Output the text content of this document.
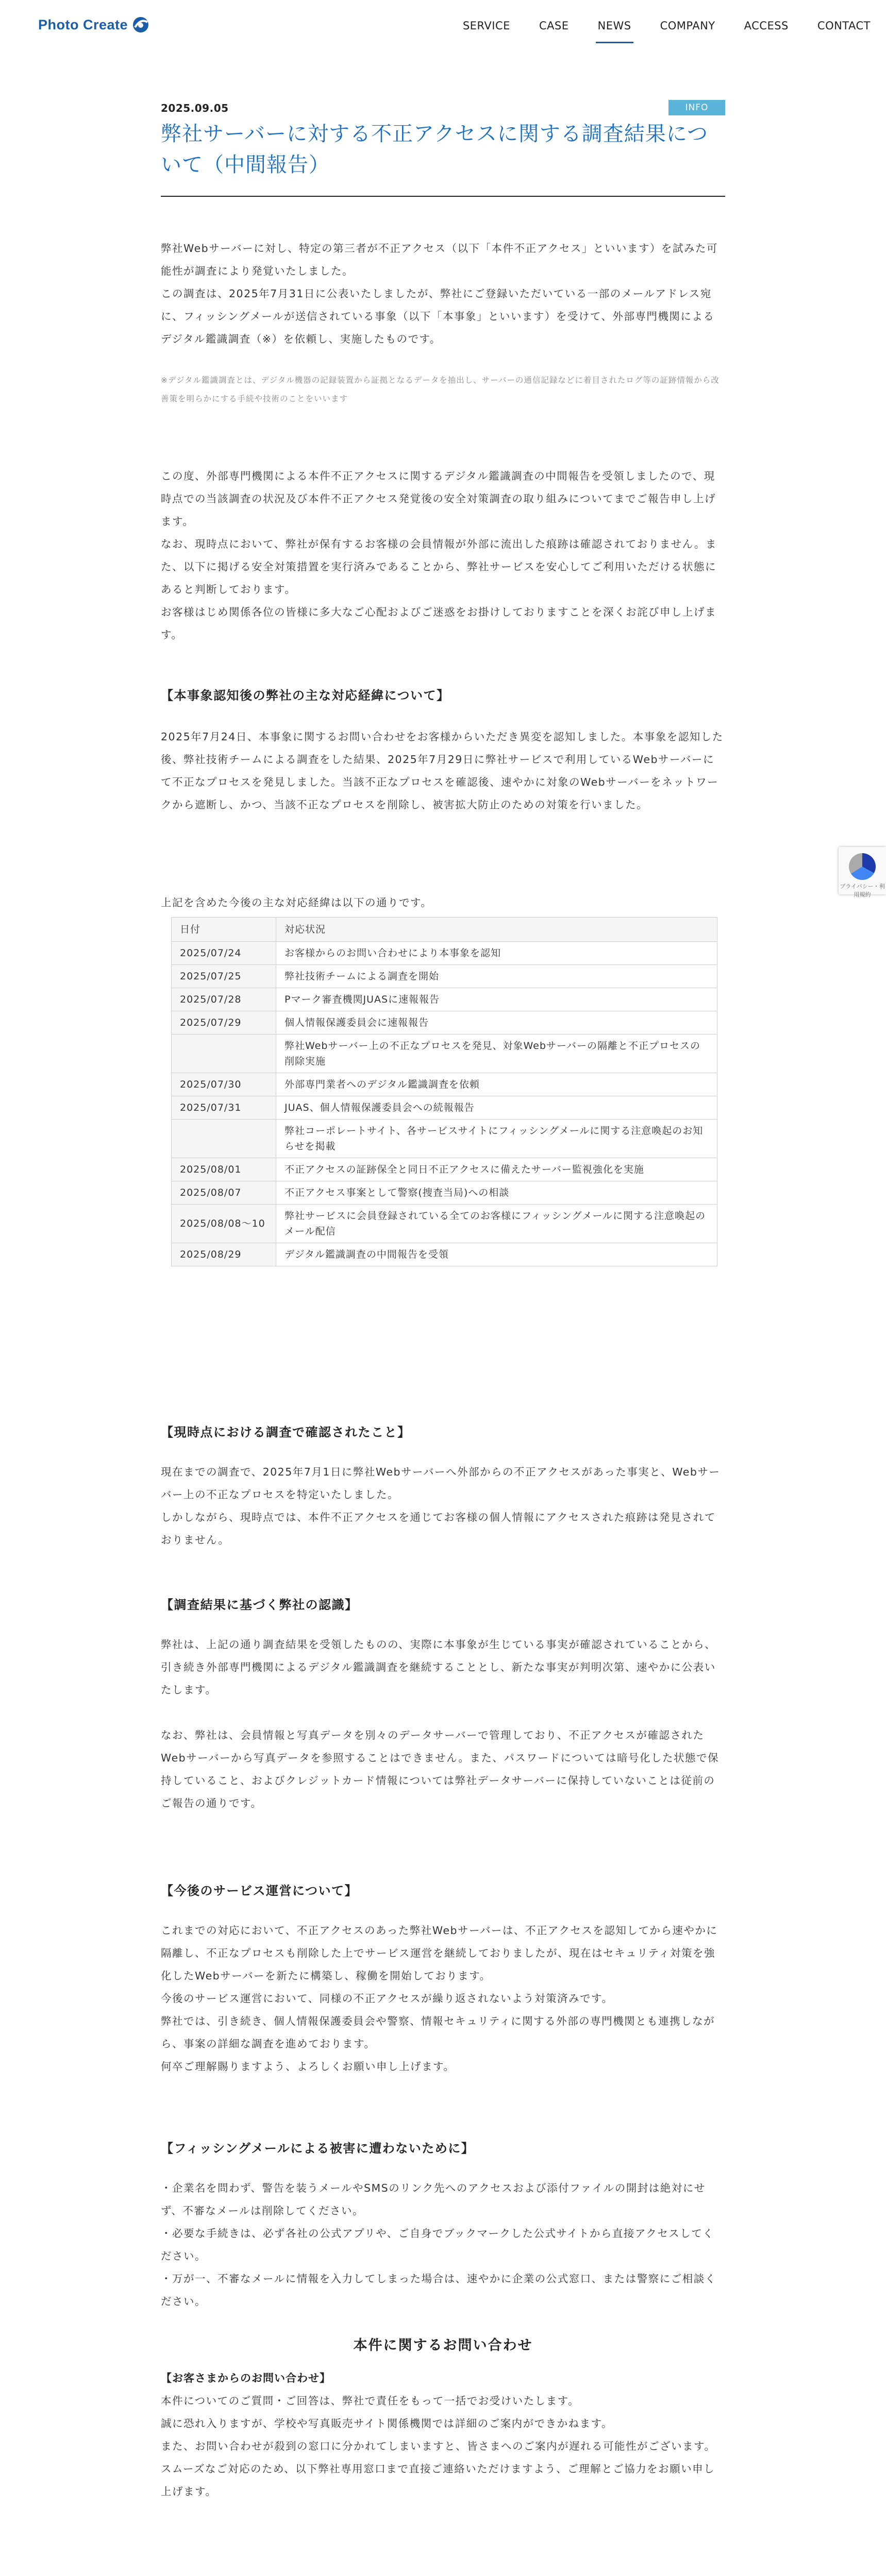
Photo Create	SERVICE	CASE	NEWS	COMPANY	ACCESS	CONTACT
2025.09.05	INFO
弊社サーバーに対する不正アクセスに関する調査結果について（中間報告）

弊社Webサーバーに対し、特定の第三者が不正アクセス（以下「本件不正アクセス」といいます）を試みた可能性が調査により発覚いたしました。

この調査は、2025年7月31日に公表いたしましたが、弊社にご登録いただいている一部のメールアドレス宛に、フィッシングメールが送信されている事象（以下「本事象」といいます）を受けて、外部専門機関によるデジタル鑑識調査（※）を依頼し、実施したものです。

※デジタル鑑識調査とは、デジタル機器の記録装置から証拠となるデータを抽出し、サーバーの通信記録などに着目されたログ等の証跡情報から改善策を明らかにする手続や技術のことをいいます

この度、外部専門機関による本件不正アクセスに関するデジタル鑑識調査の中間報告を受領しましたので、現時点での当該調査の状況及び本件不正アクセス発覚後の安全対策調査の取り組みについてまでご報告申し上げます。

なお、現時点において、弊社が保有するお客様の会員情報が外部に流出した痕跡は確認されておりません。また、以下に掲げる安全対策措置を実行済みであることから、弊社サービスを安心してご利用いただける状態にあると判断しております。

お客様はじめ関係各位の皆様に多大なご心配およびご迷惑をお掛けしておりますことを深くお詫び申し上げます。

【本事象認知後の弊社の主な対応経緯について】

2025年7月24日、本事象に関するお問い合わせをお客様からいただき異変を認知しました。本事象を認知した後、弊社技術チームによる調査をした結果、2025年7月29日に弊社サービスで利用しているWebサーバーにて不正なプロセスを発見しました。当該不正なプロセスを確認後、速やかに対象のWebサーバーをネットワークから遮断し、かつ、当該不正なプロセスを削除し、被害拡大防止のための対策を行いました。

上記を含めた今後の主な対応経緯は以下の通りです。

日付	対応状況
2025/07/24	お客様からのお問い合わせにより本事象を認知
2025/07/25	弊社技術チームによる調査を開始
2025/07/28	Pマーク審査機関JUASに速報報告
2025/07/29	個人情報保護委員会に速報報告
	弊社Webサーバー上の不正なプロセスを発見、対象Webサーバーの隔離と不正プロセスの削除実施
2025/07/30	外部専門業者へのデジタル鑑識調査を依頼
2025/07/31	JUAS、個人情報保護委員会への続報報告
	弊社コーポレートサイト、各サービスサイトにフィッシングメールに関する注意喚起のお知らせを掲載
2025/08/01	不正アクセスの証跡保全と同日不正アクセスに備えたサーバー監視強化を実施
2025/08/07	不正アクセス事案として警察(捜査当局)への相談
2025/08/08〜10	弊社サービスに会員登録されている全てのお客様にフィッシングメールに関する注意喚起のメール配信
2025/08/29	デジタル鑑識調査の中間報告を受領

【現時点における調査で確認されたこと】

現在までの調査で、2025年7月1日に弊社Webサーバーへ外部からの不正アクセスがあった事実と、Webサーバー上の不正なプロセスを特定いたしました。

しかしながら、現時点では、本件不正アクセスを通じてお客様の個人情報にアクセスされた痕跡は発見されておりません。

【調査結果に基づく弊社の認識】

弊社は、上記の通り調査結果を受領したものの、実際に本事象が生じている事実が確認されていることから、引き続き外部専門機関によるデジタル鑑識調査を継続することとし、新たな事実が判明次第、速やかに公表いたします。

なお、弊社は、会員情報と写真データを別々のデータサーバーで管理しており、不正アクセスが確認されたWebサーバーから写真データを参照することはできません。また、パスワードについては暗号化した状態で保持していること、およびクレジットカード情報については弊社データサーバーに保持していないことは従前のご報告の通りです。

【今後のサービス運営について】

これまでの対応において、不正アクセスのあった弊社Webサーバーは、不正アクセスを認知してから速やかに隔離し、不正なプロセスも削除した上でサービス運営を継続しておりましたが、現在はセキュリティ対策を強化したWebサーバーを新たに構築し、稼働を開始しております。

今後のサービス運営において、同様の不正アクセスが繰り返されないよう対策済みです。

弊社では、引き続き、個人情報保護委員会や警察、情報セキュリティに関する外部の専門機関とも連携しながら、事案の詳細な調査を進めております。

何卒ご理解賜りますよう、よろしくお願い申し上げます。

【フィッシングメールによる被害に遭わないために】

・企業名を問わず、警告を装うメールやSMSのリンク先へのアクセスおよび添付ファイルの開封は絶対にせず、不審なメールは削除してください。

・必要な手続きは、必ず各社の公式アプリや、ご自身でブックマークした公式サイトから直接アクセスしてください。

・万が一、不審なメールに情報を入力してしまった場合は、速やかに企業の公式窓口、または警察にご相談ください。

本件に関するお問い合わせ

【お客さまからのお問い合わせ】

本件についてのご質問・ご回答は、弊社で責任をもって一括でお受けいたします。

誠に恐れ入りますが、学校や写真販売サイト関係機関では詳細のご案内ができかねます。

また、お問い合わせが殺到の窓口に分かれてしまいますと、皆さまへのご案内が遅れる可能性がございます。

スムーズなご対応のため、以下弊社専用窓口まで直接ご連絡いただけますよう、ご理解とご協力をお願い申し上げます。

プライバシー・利用規約
